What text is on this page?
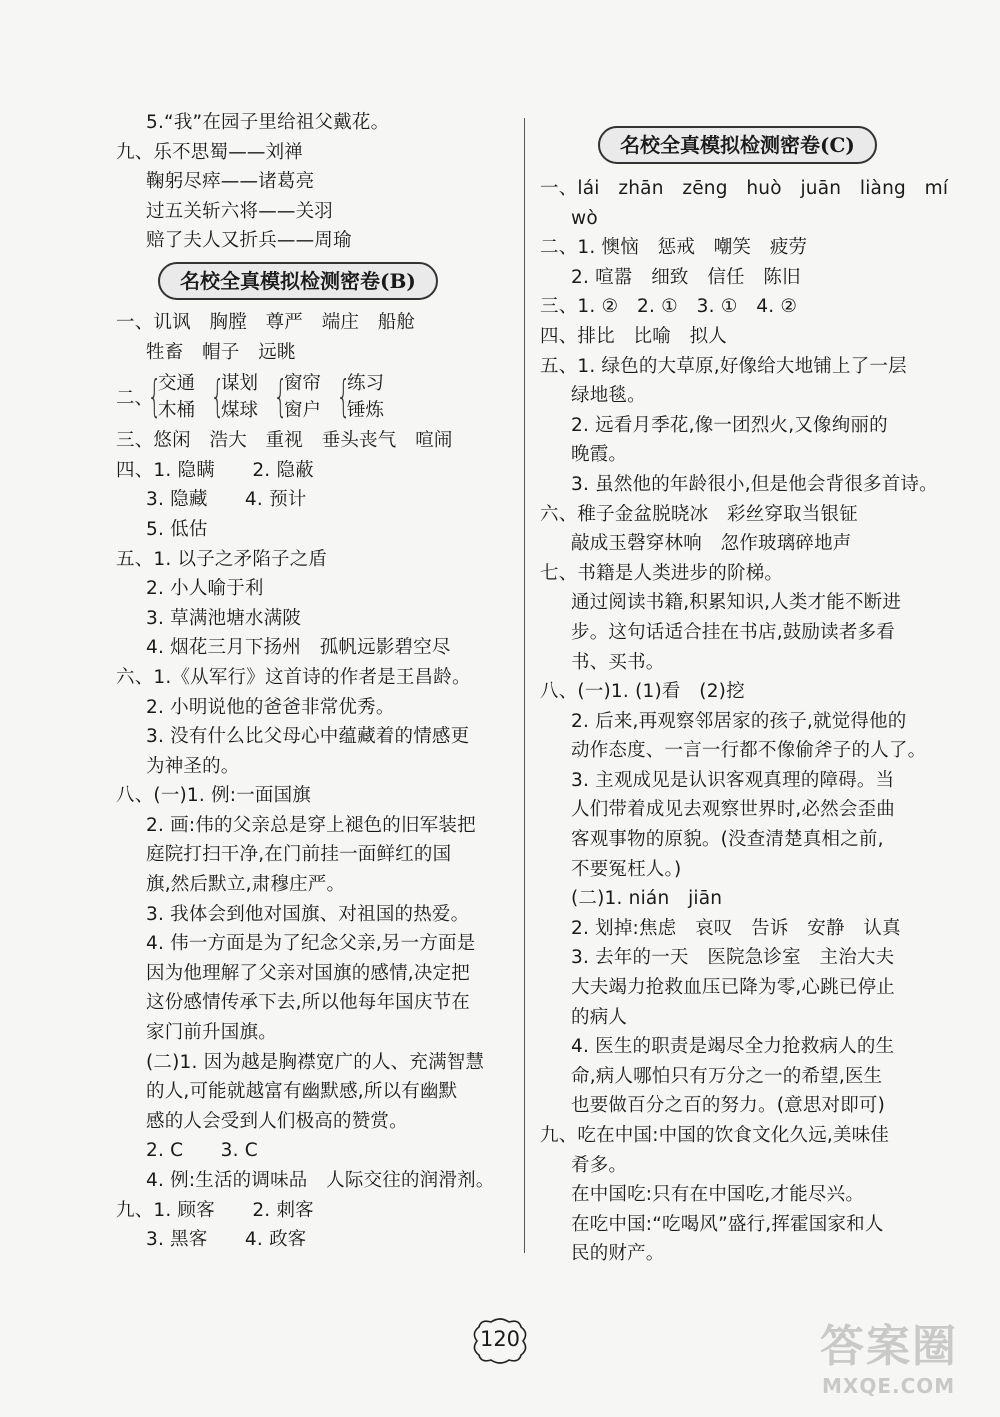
5.“我”在园子里给祖父戴花。
九、乐不思蜀——刘禅
鞠躬尽瘁——诸葛亮
过五关斩六将——关羽
赔了夫人又折兵——周瑜
名校全真模拟检测密卷(B)
一、讥讽　胸膛　尊严　端庄　船舱
牲畜　帽子　远眺
二、
{
交通
木桶 {
谋划
煤球 {
窗帘
窗户 {
练习
锤炼
三、悠闲　浩大　重视　垂头丧气　喧闹
四、1. 隐瞒　　2. 隐蔽
3. 隐藏　　4. 预计
5. 低估
五、1. 以子之矛陷子之盾
2. 小人喻于利
3. 草满池塘水满陂
4. 烟花三月下扬州　孤帆远影碧空尽
六、1.《从军行》这首诗的作者是王昌龄。
2. 小明说他的爸爸非常优秀。
3. 没有什么比父母心中蕴藏着的情感更
为神圣的。
八、(一)1. 例:一面国旗
2. 画:伟的父亲总是穿上褪色的旧军装把
庭院打扫干净,在门前挂一面鲜红的国
旗,然后默立,肃穆庄严。
3. 我体会到他对国旗、对祖国的热爱。
4. 伟一方面是为了纪念父亲,另一方面是
因为他理解了父亲对国旗的感情,决定把
这份感情传承下去,所以他每年国庆节在
家门前升国旗。
(二)1. 因为越是胸襟宽广的人、充满智慧
的人,可能就越富有幽默感,所以有幽默
感的人会受到人们极高的赞赏。
2. C　　3. C
4. 例:生活的调味品　人际交往的润滑剂。
九、1. 顾客　　2. 刺客
3. 黑客　　4. 政客
名校全真模拟检测密卷(C)
一、lái　zhān　zēng　huò　juān　liàng　mí
wò
二、1. 懊恼　惩戒　嘲笑　疲劳
2. 喧嚣　细致　信任　陈旧
三、1. ②　2. ①　3. ①　4. ②
四、排比　比喻　拟人
五、1. 绿色的大草原,好像给大地铺上了一层
绿地毯。
2. 远看月季花,像一团烈火,又像绚丽的
晚霞。
3. 虽然他的年龄很小,但是他会背很多首诗。
六、稚子金盆脱晓冰　彩丝穿取当银钲
敲成玉磬穿林响　忽作玻璃碎地声
七、书籍是人类进步的阶梯。
通过阅读书籍,积累知识,人类才能不断进
步。这句话适合挂在书店,鼓励读者多看
书、买书。
八、(一)1. (1)看　(2)挖
2. 后来,再观察邻居家的孩子,就觉得他的
动作态度、一言一行都不像偷斧子的人了。
3. 主观成见是认识客观真理的障碍。当
人们带着成见去观察世界时,必然会歪曲
客观事物的原貌。(没查清楚真相之前,
不要冤枉人。)
(二)1. nián　jiān
2. 划掉:焦虑　哀叹　告诉　安静　认真
3. 去年的一天　医院急诊室　主治大夫
大夫竭力抢救血压已降为零,心跳已停止
的病人
4. 医生的职责是竭尽全力抢救病人的生
命,病人哪怕只有万分之一的希望,医生
也要做百分之百的努力。(意思对即可)
九、吃在中国:中国的饮食文化久远,美味佳
肴多。
在中国吃:只有在中国吃,才能尽兴。
在吃中国:“吃喝风”盛行,挥霍国家和人
民的财产。
120	答案圈
MXQE.COM
